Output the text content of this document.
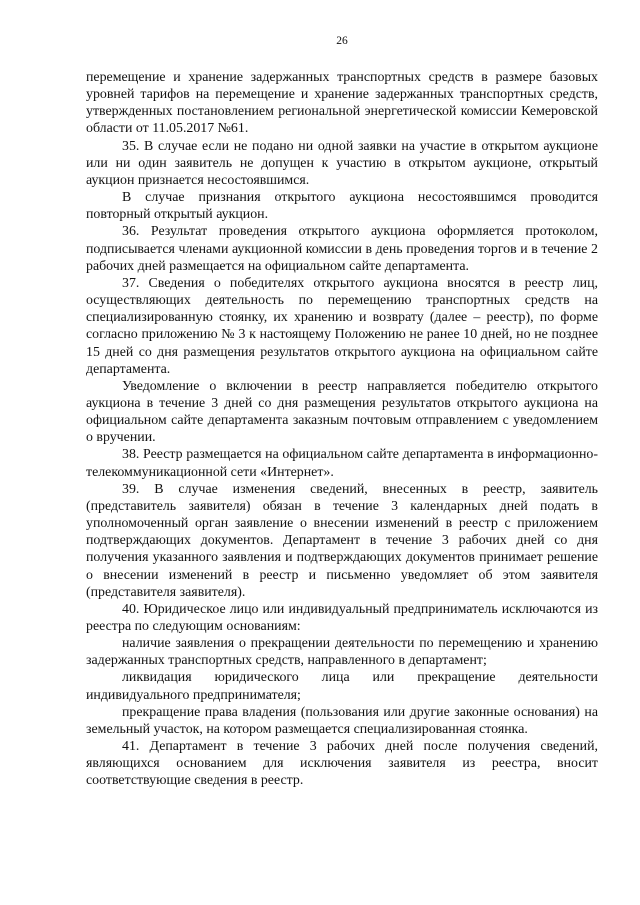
26

перемещение и хранение задержанных транспортных средств в размере базовых уровней тарифов на перемещение и хранение задержанных транспортных средств, утвержденных постановлением региональной энергетической комиссии Кемеровской области от 11.05.2017 №61.

35. В случае если не подано ни одной заявки на участие в открытом аукционе или ни один заявитель не допущен к участию в открытом аукционе, открытый аукцион признается несостоявшимся.

В случае признания открытого аукциона несостоявшимся проводится повторный открытый аукцион.

36. Результат проведения открытого аукциона оформляется протоколом, подписывается членами аукционной комиссии в день проведения торгов и в течение 2 рабочих дней размещается на официальном сайте департамента.

37. Сведения о победителях открытого аукциона вносятся в реестр лиц, осуществляющих деятельность по перемещению транспортных средств на специализированную стоянку, их хранению и возврату (далее – реестр), по форме согласно приложению № 3 к настоящему Положению не ранее 10 дней, но не позднее 15 дней со дня размещения результатов открытого аукциона на официальном сайте департамента.

Уведомление о включении в реестр направляется победителю открытого аукциона в течение 3 дней со дня размещения результатов открытого аукциона на официальном сайте департамента заказным почтовым отправлением с уведомлением о вручении.

38. Реестр размещается на официальном сайте департамента в информационно-телекоммуникационной сети «Интернет».

39. В случае изменения сведений, внесенных в реестр, заявитель (представитель заявителя) обязан в течение 3 календарных дней подать в уполномоченный орган заявление о внесении изменений в реестр с приложением подтверждающих документов. Департамент в течение 3 рабочих дней со дня получения указанного заявления и подтверждающих документов принимает решение о внесении изменений в реестр и письменно уведомляет об этом заявителя (представителя заявителя).

40. Юридическое лицо или индивидуальный предприниматель исключаются из реестра по следующим основаниям:

наличие заявления о прекращении деятельности по перемещению и хранению задержанных транспортных средств, направленного в департамент;

ликвидация юридического лица или прекращение деятельности индивидуального предпринимателя;

прекращение права владения (пользования или другие законные основания) на земельный участок, на котором размещается специализированная стоянка.

41. Департамент в течение 3 рабочих дней после получения сведений, являющихся основанием для исключения заявителя из реестра, вносит соответствующие сведения в реестр.
